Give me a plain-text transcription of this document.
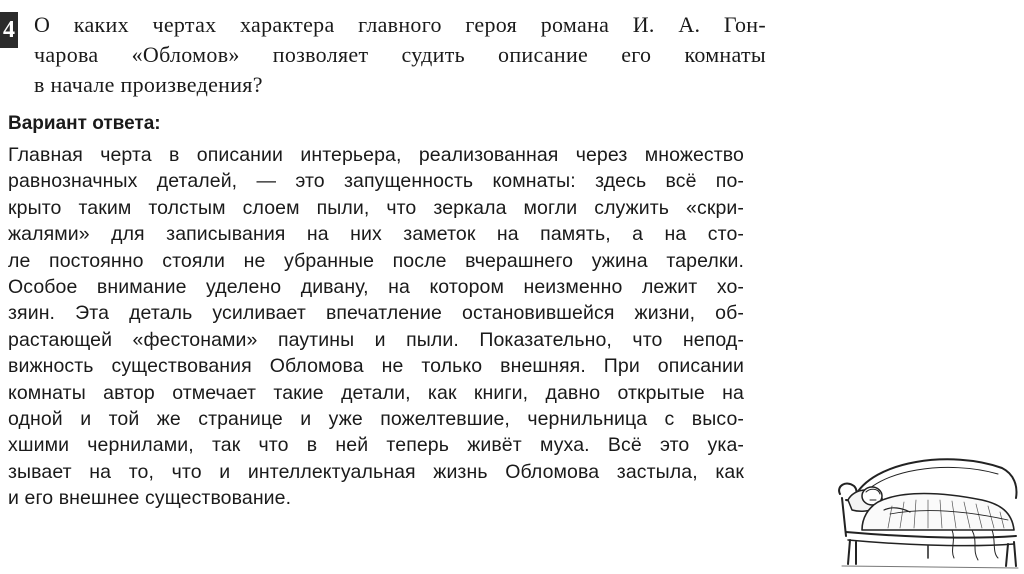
4 О каких чертах характера главного героя романа И. А. Гон-
чарова «Обломов» позволяет судить описание его комнаты
в начале произведения?
Вариант ответа:
Главная черта в описании интерьера, реализованная через множество
равнозначных деталей, — это запущенность комнаты: здесь всё по-
крыто таким толстым слоем пыли, что зеркала могли служить «скри-
жалями» для записывания на них заметок на память, а на сто-
ле постоянно стояли не убранные после вчерашнего ужина тарелки.
Особое внимание уделено дивану, на котором неизменно лежит хо-
зяин. Эта деталь усиливает впечатление остановившейся жизни, об-
растающей «фестонами» паутины и пыли. Показательно, что непод-
вижность существования Обломова не только внешняя. При описании
комнаты автор отмечает такие детали, как книги, давно открытые на
одной и той же странице и уже пожелтевшие, чернильница с высо-
хшими чернилами, так что в ней теперь живёт муха. Всё это ука-
зывает на то, что и интеллектуальная жизнь Обломова застыла, как
и его внешнее существование.
